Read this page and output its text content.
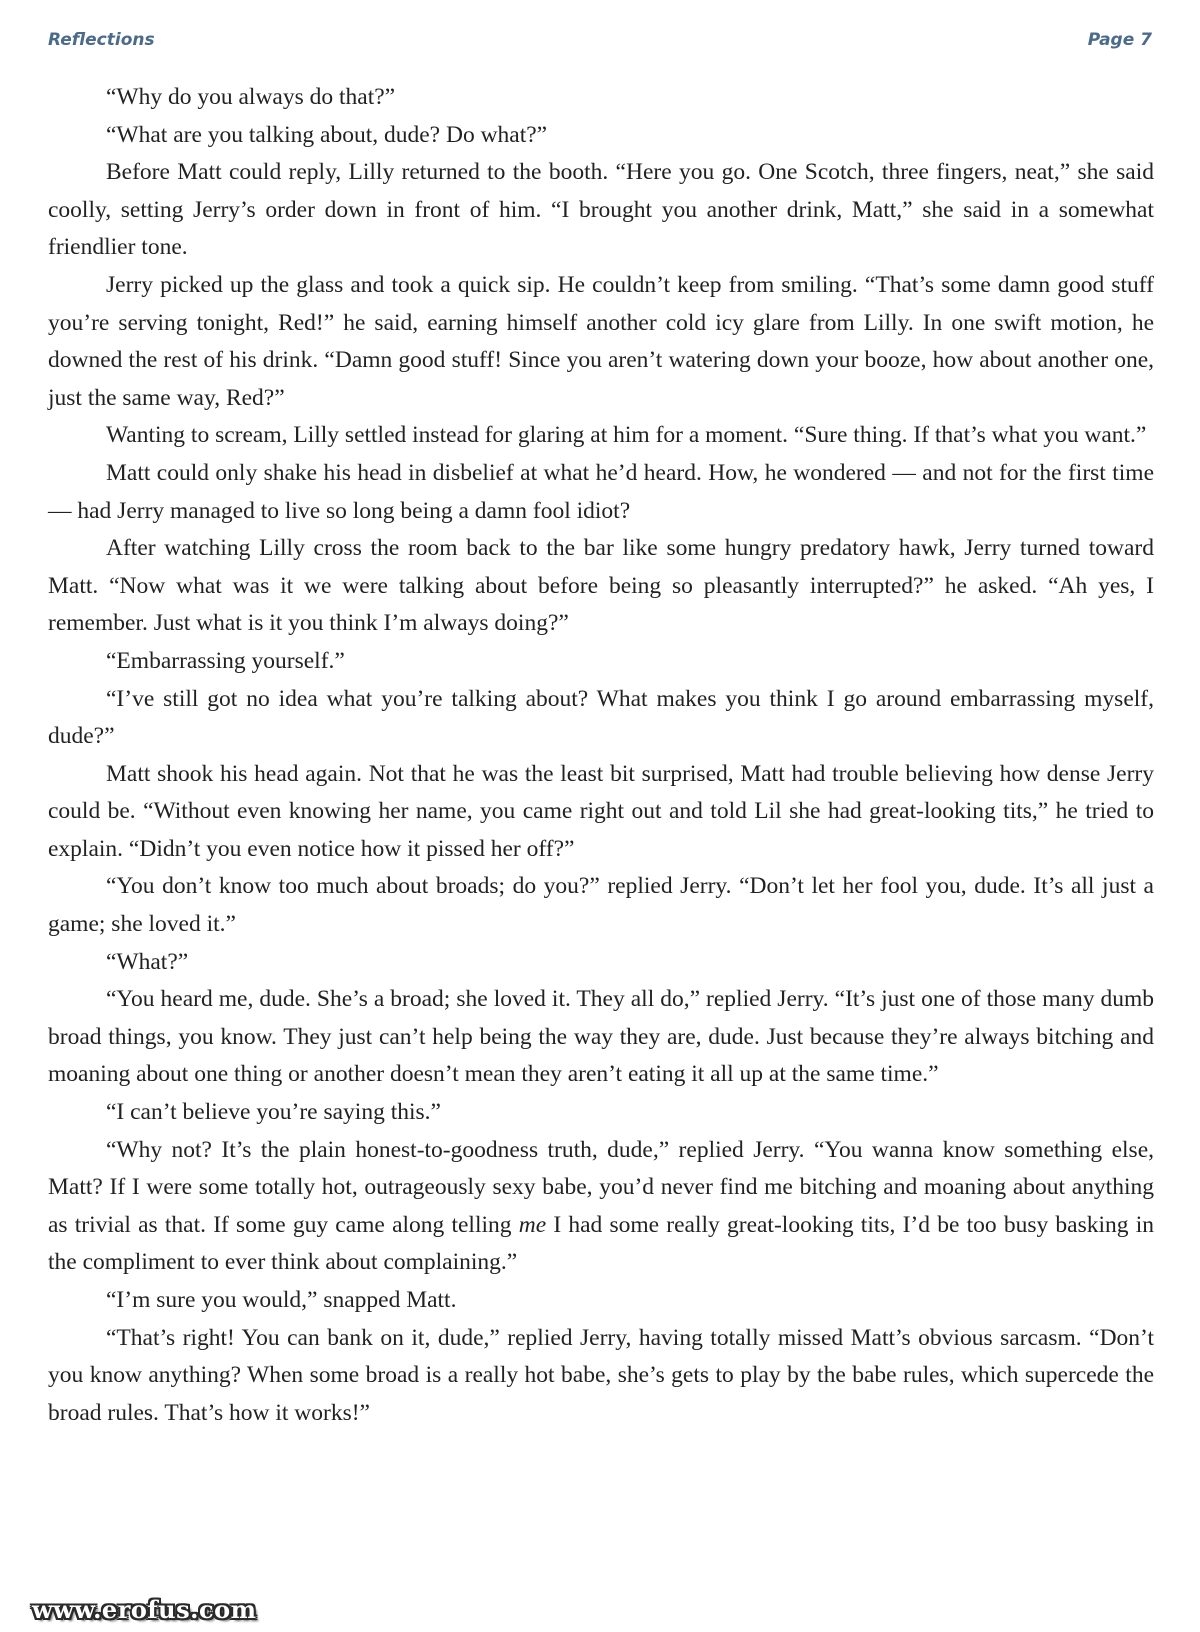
Reflections	Page 7

“Why do you always do that?”

“What are you talking about, dude? Do what?”

Before Matt could reply, Lilly returned to the booth. “Here you go. One Scotch, three fingers, neat,” she said coolly, setting Jerry’s order down in front of him. “I brought you another drink, Matt,” she said in a somewhat friendlier tone.

Jerry picked up the glass and took a quick sip. He couldn’t keep from smiling. “That’s some damn good stuff you’re serving tonight, Red!” he said, earning himself another cold icy glare from Lilly. In one swift motion, he downed the rest of his drink. “Damn good stuff! Since you aren’t watering down your booze, how about another one, just the same way, Red?”

Wanting to scream, Lilly settled instead for glaring at him for a moment. “Sure thing. If that’s what you want.”

Matt could only shake his head in disbelief at what he’d heard. How, he wondered — and not for the first time — had Jerry managed to live so long being a damn fool idiot?

After watching Lilly cross the room back to the bar like some hungry predatory hawk, Jerry turned toward Matt. “Now what was it we were talking about before being so pleasantly interrupted?” he asked. “Ah yes, I remember. Just what is it you think I’m always doing?”

“Embarrassing yourself.”

“I’ve still got no idea what you’re talking about? What makes you think I go around embarrassing myself, dude?”

Matt shook his head again. Not that he was the least bit surprised, Matt had trouble believing how dense Jerry could be. “Without even knowing her name, you came right out and told Lil she had great-looking tits,” he tried to explain. “Didn’t you even notice how it pissed her off?”

“You don’t know too much about broads; do you?” replied Jerry. “Don’t let her fool you, dude. It’s all just a game; she loved it.”

“What?”

“You heard me, dude. She’s a broad; she loved it. They all do,” replied Jerry. “It’s just one of those many dumb broad things, you know. They just can’t help being the way they are, dude. Just because they’re always bitching and moaning about one thing or another doesn’t mean they aren’t eating it all up at the same time.”

“I can’t believe you’re saying this.”

“Why not? It’s the plain honest-to-goodness truth, dude,” replied Jerry. “You wanna know something else, Matt? If I were some totally hot, outrageously sexy babe, you’d never find me bitching and moaning about anything as trivial as that. If some guy came along telling me I had some really great-looking tits, I’d be too busy basking in the compliment to ever think about complaining.”

“I’m sure you would,” snapped Matt.

“That’s right! You can bank on it, dude,” replied Jerry, having totally missed Matt’s obvious sarcasm. “Don’t you know anything? When some broad is a really hot babe, she’s gets to play by the babe rules, which supercede the broad rules. That’s how it works!”

www.erofus.com
